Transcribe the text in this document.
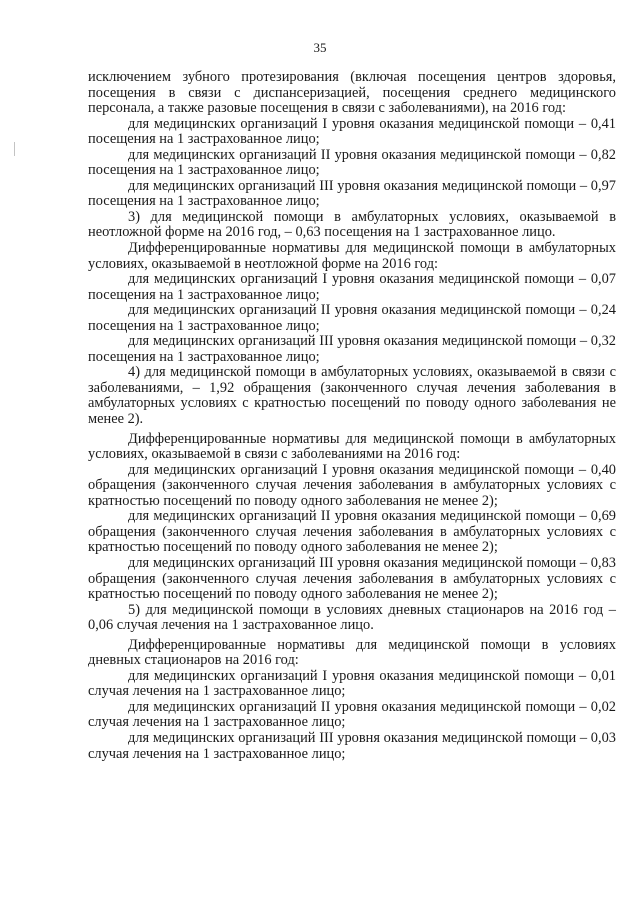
35

исключением зубного протезирования (включая посещения центров здоровья, посещения в связи с диспансеризацией, посещения среднего медицинского персонала, а также разовые посещения в связи с заболеваниями), на 2016 год:

для медицинских организаций I уровня оказания медицинской помощи – 0,41 посещения на 1 застрахованное лицо;

для медицинских организаций II уровня оказания медицинской помощи – 0,82 посещения на 1 застрахованное лицо;

для медицинских организаций III уровня оказания медицинской помощи – 0,97 посещения на 1 застрахованное лицо;

3) для медицинской помощи в амбулаторных условиях, оказываемой в неотложной форме на 2016 год, – 0,63 посещения на 1 застрахованное лицо.

Дифференцированные нормативы для медицинской помощи в амбулаторных условиях, оказываемой в неотложной форме на 2016 год:

для медицинских организаций I уровня оказания медицинской помощи – 0,07 посещения на 1 застрахованное лицо;

для медицинских организаций II уровня оказания медицинской помощи – 0,24 посещения на 1 застрахованное лицо;

для медицинских организаций III уровня оказания медицинской помощи – 0,32 посещения на 1 застрахованное лицо;

4) для медицинской помощи в амбулаторных условиях, оказываемой в связи с заболеваниями, – 1,92 обращения (законченного случая лечения заболевания в амбулаторных условиях с кратностью посещений по поводу одного заболевания не менее 2).

Дифференцированные нормативы для медицинской помощи в амбулаторных условиях, оказываемой в связи с заболеваниями на 2016 год:

для медицинских организаций I уровня оказания медицинской помощи – 0,40 обращения (законченного случая лечения заболевания в амбулаторных условиях с кратностью посещений по поводу одного заболевания не менее 2);

для медицинских организаций II уровня оказания медицинской помощи – 0,69 обращения (законченного случая лечения заболевания в амбулаторных условиях с кратностью посещений по поводу одного заболевания не менее 2);

для медицинских организаций III уровня оказания медицинской помощи – 0,83 обращения (законченного случая лечения заболевания в амбулаторных условиях с кратностью посещений по поводу одного заболевания не менее 2);

5) для медицинской помощи в условиях дневных стационаров на 2016 год – 0,06 случая лечения на 1 застрахованное лицо.

Дифференцированные нормативы для медицинской помощи в условиях дневных стационаров на 2016 год:

для медицинских организаций I уровня оказания медицинской помощи – 0,01 случая лечения на 1 застрахованное лицо;

для медицинских организаций II уровня оказания медицинской помощи – 0,02 случая лечения на 1 застрахованное лицо;

для медицинских организаций III уровня оказания медицинской помощи – 0,03 случая лечения на 1 застрахованное лицо;
